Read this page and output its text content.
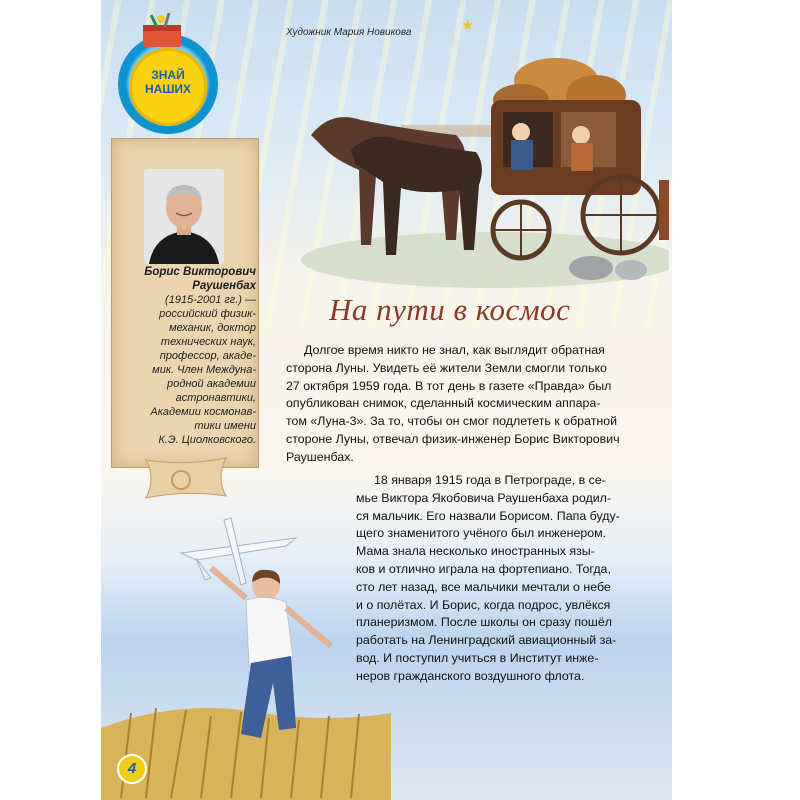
★
Художник Мария Новикова
ЗНАЙ
НАШИХ
Борис Викторович
Раушенбах
(1915-2001 гг.) —
российский физик-
механик, доктор
технических наук,
профессор, акаде-
мик. Член Междуна-
родной академии
астронавтики,
Академии космонав-
тики имени
К.Э. Циолковского.
На пути в космос
Долгое время никто не знал, как выглядит обратная
сторона Луны. Увидеть её жители Земли смогли только
27 октября 1959 года. В тот день в газете «Правда» был
опубликован снимок, сделанный космическим аппара-
том «Луна-3». За то, чтобы он смог подлететь к обратной
стороне Луны, отвечал физик-инженер Борис Викторович
Раушенбах.
18 января 1915 года в Петрограде, в се-
мье Виктора Якобовича Раушенбаха родил-
ся мальчик. Его назвали Борисом. Папа буду-
щего знаменитого учёного был инженером.
Мама знала несколько иностранных язы-
ков и отлично играла на фортепиано. Тогда,
сто лет назад, все мальчики мечтали о небе
и о полётах. И Борис, когда подрос, увлёкся
планеризмом. После школы он сразу пошёл
работать на Ленинградский авиационный за-
вод. И поступил учиться в Институт инже-
неров гражданского воздушного флота.
4
